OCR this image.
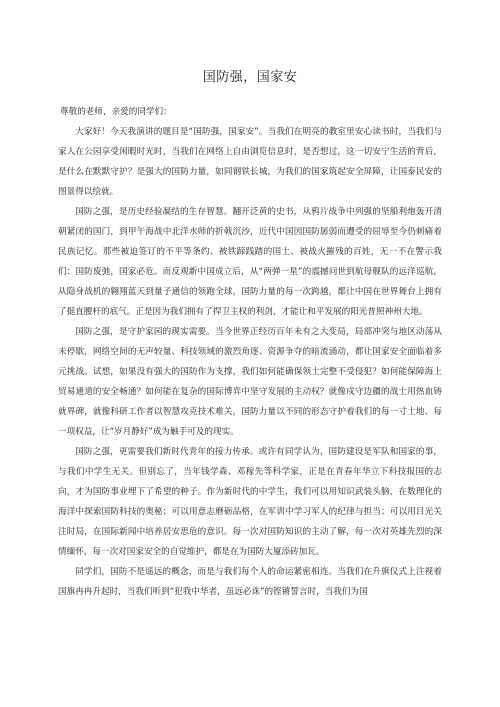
国防强，国家安

尊敬的老师，亲爱的同学们：

大家好！今天我演讲的题目是“国防强，国家安”。当我们在明亮的教室里安心读书时，当我们与家人在公园享受闲暇时光时，当我们在网络上自由浏览信息时，是否想过，这一切安宁生活的背后，是什么在默默守护？是强大的国防力量，如同钢铁长城，为我们的国家筑起安全屏障，让国泰民安的图景得以绘就。

国防之强，是历史经验凝结的生存智慧。翻开泛黄的史书，从鸦片战争中列强的坚船利炮轰开清朝紧闭的国门，到甲午海战中北洋水师的折戟沉沙，近代中国因国防孱弱而遭受的屈辱至今仍刺痛着民族记忆。那些被迫签订的不平等条约、被铁蹄践踏的国土、被战火摧残的百姓，无一不在警示我们：国防废弛，国家必危。而反观新中国成立后，从“两弹一星”的震撼问世到航母舰队的远洋巡航，从隐身战机的翱翔蓝天到量子通信的领跑全球，国防力量的每一次跨越，都让中国在世界舞台上拥有了挺直腰杆的底气。正是因为我们拥有了捍卫主权的利剑，才能让和平发展的阳光普照神州大地。

国防之强，是守护家园的现实需要。当今世界正经历百年未有之大变局，局部冲突与地区动荡从未停歇，网络空间的无声较量、科技领域的激烈角逐、资源争夺的暗流涌动，都让国家安全面临着多元挑战。试想，如果没有强大的国防作为支撑，我们如何能确保领土完整不受侵犯？如何能保障海上贸易通道的安全畅通？如何能在复杂的国际博弈中坚守发展的主动权？就像戍守边疆的战士用热血铸就界碑，就像科研工作者以智慧攻克技术难关，国防力量以不同的形态守护着我们的每一寸土地、每一项权益，让“岁月静好”成为触手可及的现实。

国防之强，更需要我们新时代青年的接力传承。或许有同学认为，国防建设是军队和国家的事，与我们中学生无关。但别忘了，当年钱学森、邓稼先等科学家，正是在青春年华立下科技报国的志向，才为国防事业埋下了希望的种子。作为新时代的中学生，我们可以用知识武装头脑，在数理化的海洋中探索国防科技的奥秘；可以用意志磨砺品格，在军训中学习军人的纪律与担当；可以用目光关注时局，在国际新闻中培养居安思危的意识。每一次对国防知识的主动了解，每一次对英雄先烈的深情缅怀，每一次对国家安全的自觉维护，都是在为国防大厦添砖加瓦。

同学们，国防不是遥远的概念，而是与我们每个人的命运紧密相连。当我们在升旗仪式上注视着国旗冉冉升起时，当我们听到“犯我中华者，虽远必诛”的铿锵誓言时，当我们为国
